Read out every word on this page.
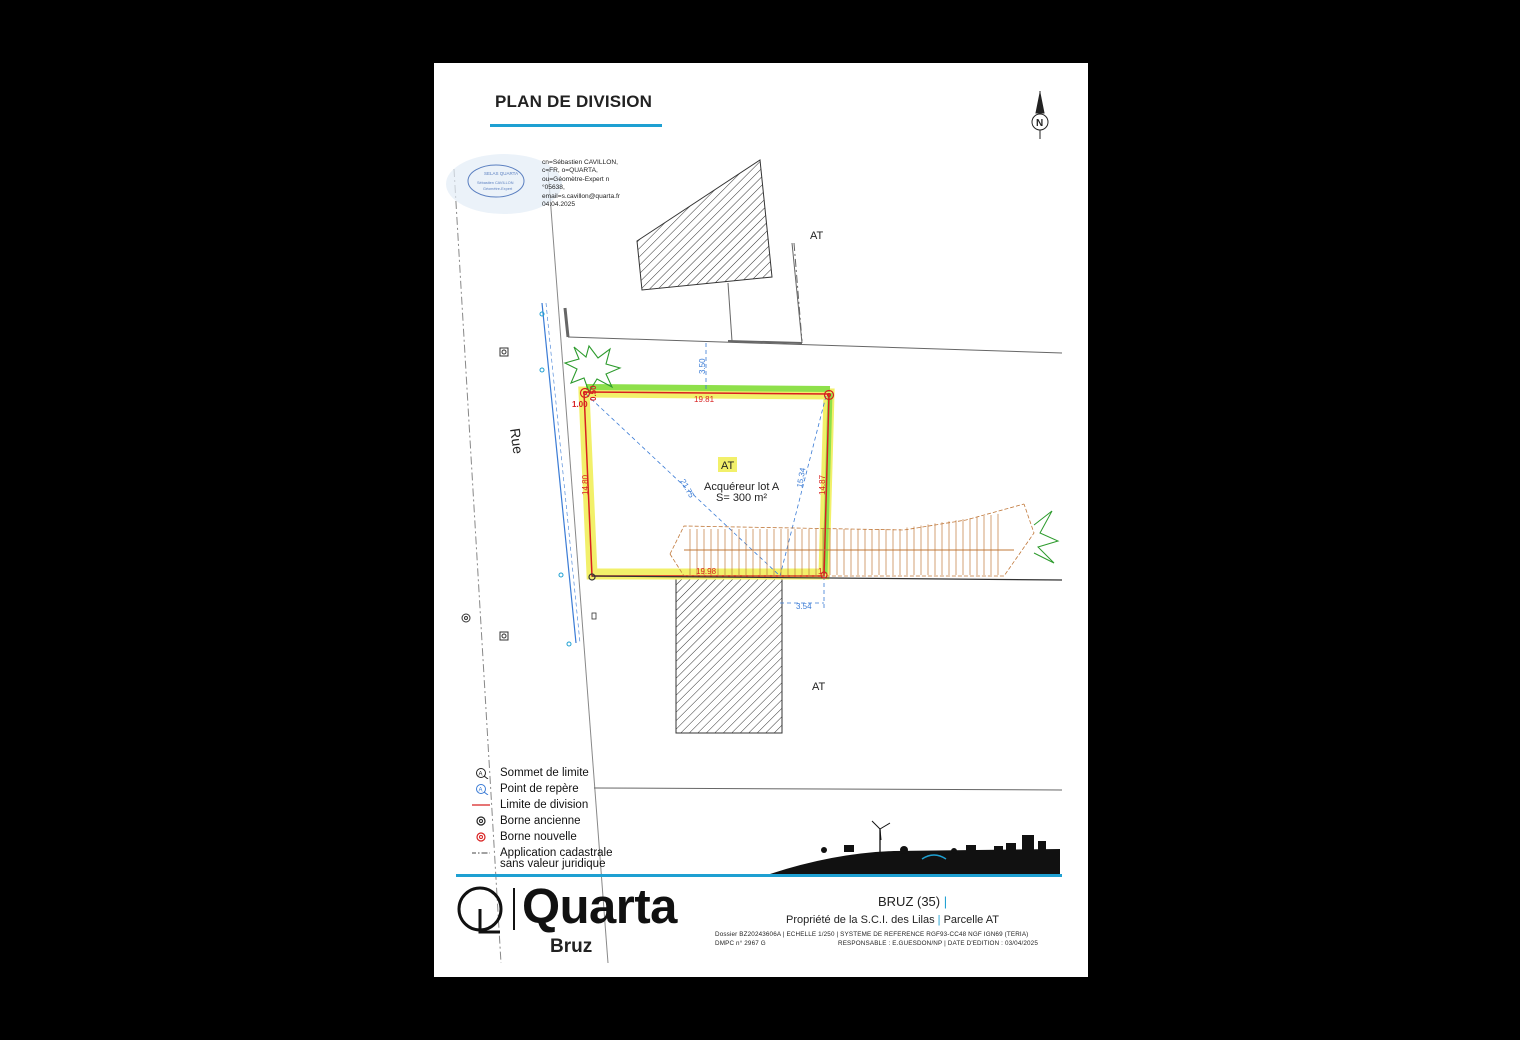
19.81
19.98
14.80	14.87
21.75	15.34
3.50
3.54
1.00
0.50
1
AT
AT
AT
Acquéreur lot A
S= 300 m²
Rue
N
SELAS QUARTA
Sébastien CAVILLON
Géomètre-Expert
PLAN DE DIVISION
cn=Sébastien CAVILLON,
c=FR, o=QUARTA,
ou=Géomètre-Expert n
°05638,
email=s.cavillon@quarta.fr
04.04.2025
A Sommet de limite
A Point de repère
Limite de division
Borne ancienne
Borne nouvelle
Application cadastrale
sans valeur juridique
Quarta
Bruz
BRUZ (35) |
Propriété de la S.C.I. des Lilas | Parcelle AT
Dossier BZ20243606A | ECHELLE 1/250 | SYSTEME DE REFERENCE RGF93-CC48 NGF IGN69 (TERIA)
DMPC n° 2967 G	RESPONSABLE : E.GUESDON/NP | DATE D'EDITION : 03/04/2025
